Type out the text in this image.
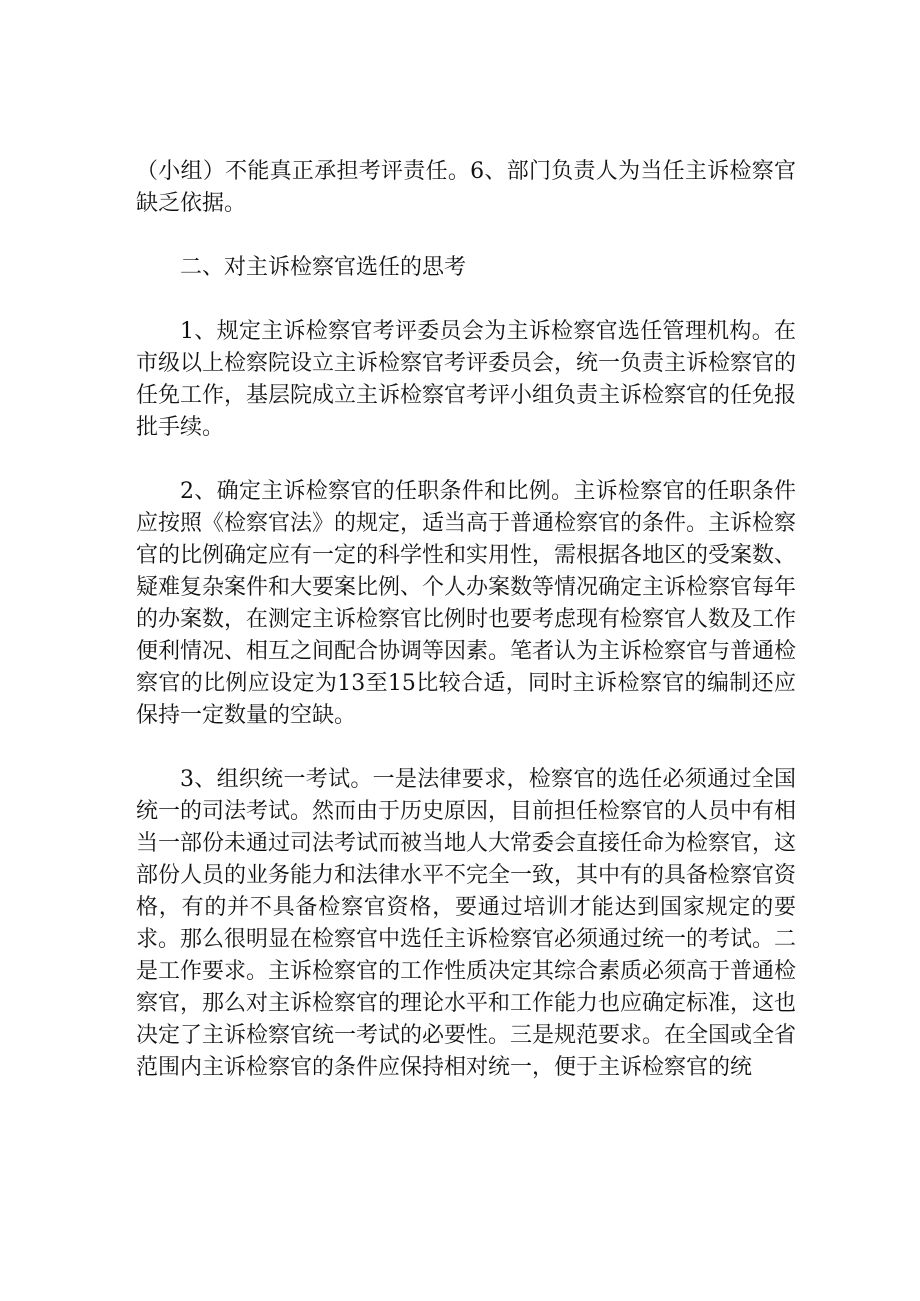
（小组）不能真正承担考评责任。6、部门负责人为当任主诉检察官缺乏依据。

二、对主诉检察官选任的思考

1、规定主诉检察官考评委员会为主诉检察官选任管理机构。在市级以上检察院设立主诉检察官考评委员会，统一负责主诉检察官的任免工作，基层院成立主诉检察官考评小组负责主诉检察官的任免报批手续。

2、确定主诉检察官的任职条件和比例。主诉检察官的任职条件应按照《检察官法》的规定，适当高于普通检察官的条件。主诉检察官的比例确定应有一定的科学性和实用性，需根据各地区的受案数、疑难复杂案件和大要案比例、个人办案数等情况确定主诉检察官每年的办案数，在测定主诉检察官比例时也要考虑现有检察官人数及工作便利情况、相互之间配合协调等因素。笔者认为主诉检察官与普通检察官的比例应设定为13至15比较合适，同时主诉检察官的编制还应保持一定数量的空缺。

3、组织统一考试。一是法律要求，检察官的选任必须通过全国统一的司法考试。然而由于历史原因，目前担任检察官的人员中有相当一部份未通过司法考试而被当地人大常委会直接任命为检察官，这部份人员的业务能力和法律水平不完全一致，其中有的具备检察官资格，有的并不具备检察官资格，要通过培训才能达到国家规定的要求。那么很明显在检察官中选任主诉检察官必须通过统一的考试。二是工作要求。主诉检察官的工作性质决定其综合素质必须高于普通检察官，那么对主诉检察官的理论水平和工作能力也应确定标准，这也决定了主诉检察官统一考试的必要性。三是规范要求。在全国或全省范围内主诉检察官的条件应保持相对统一，便于主诉检察官的统
